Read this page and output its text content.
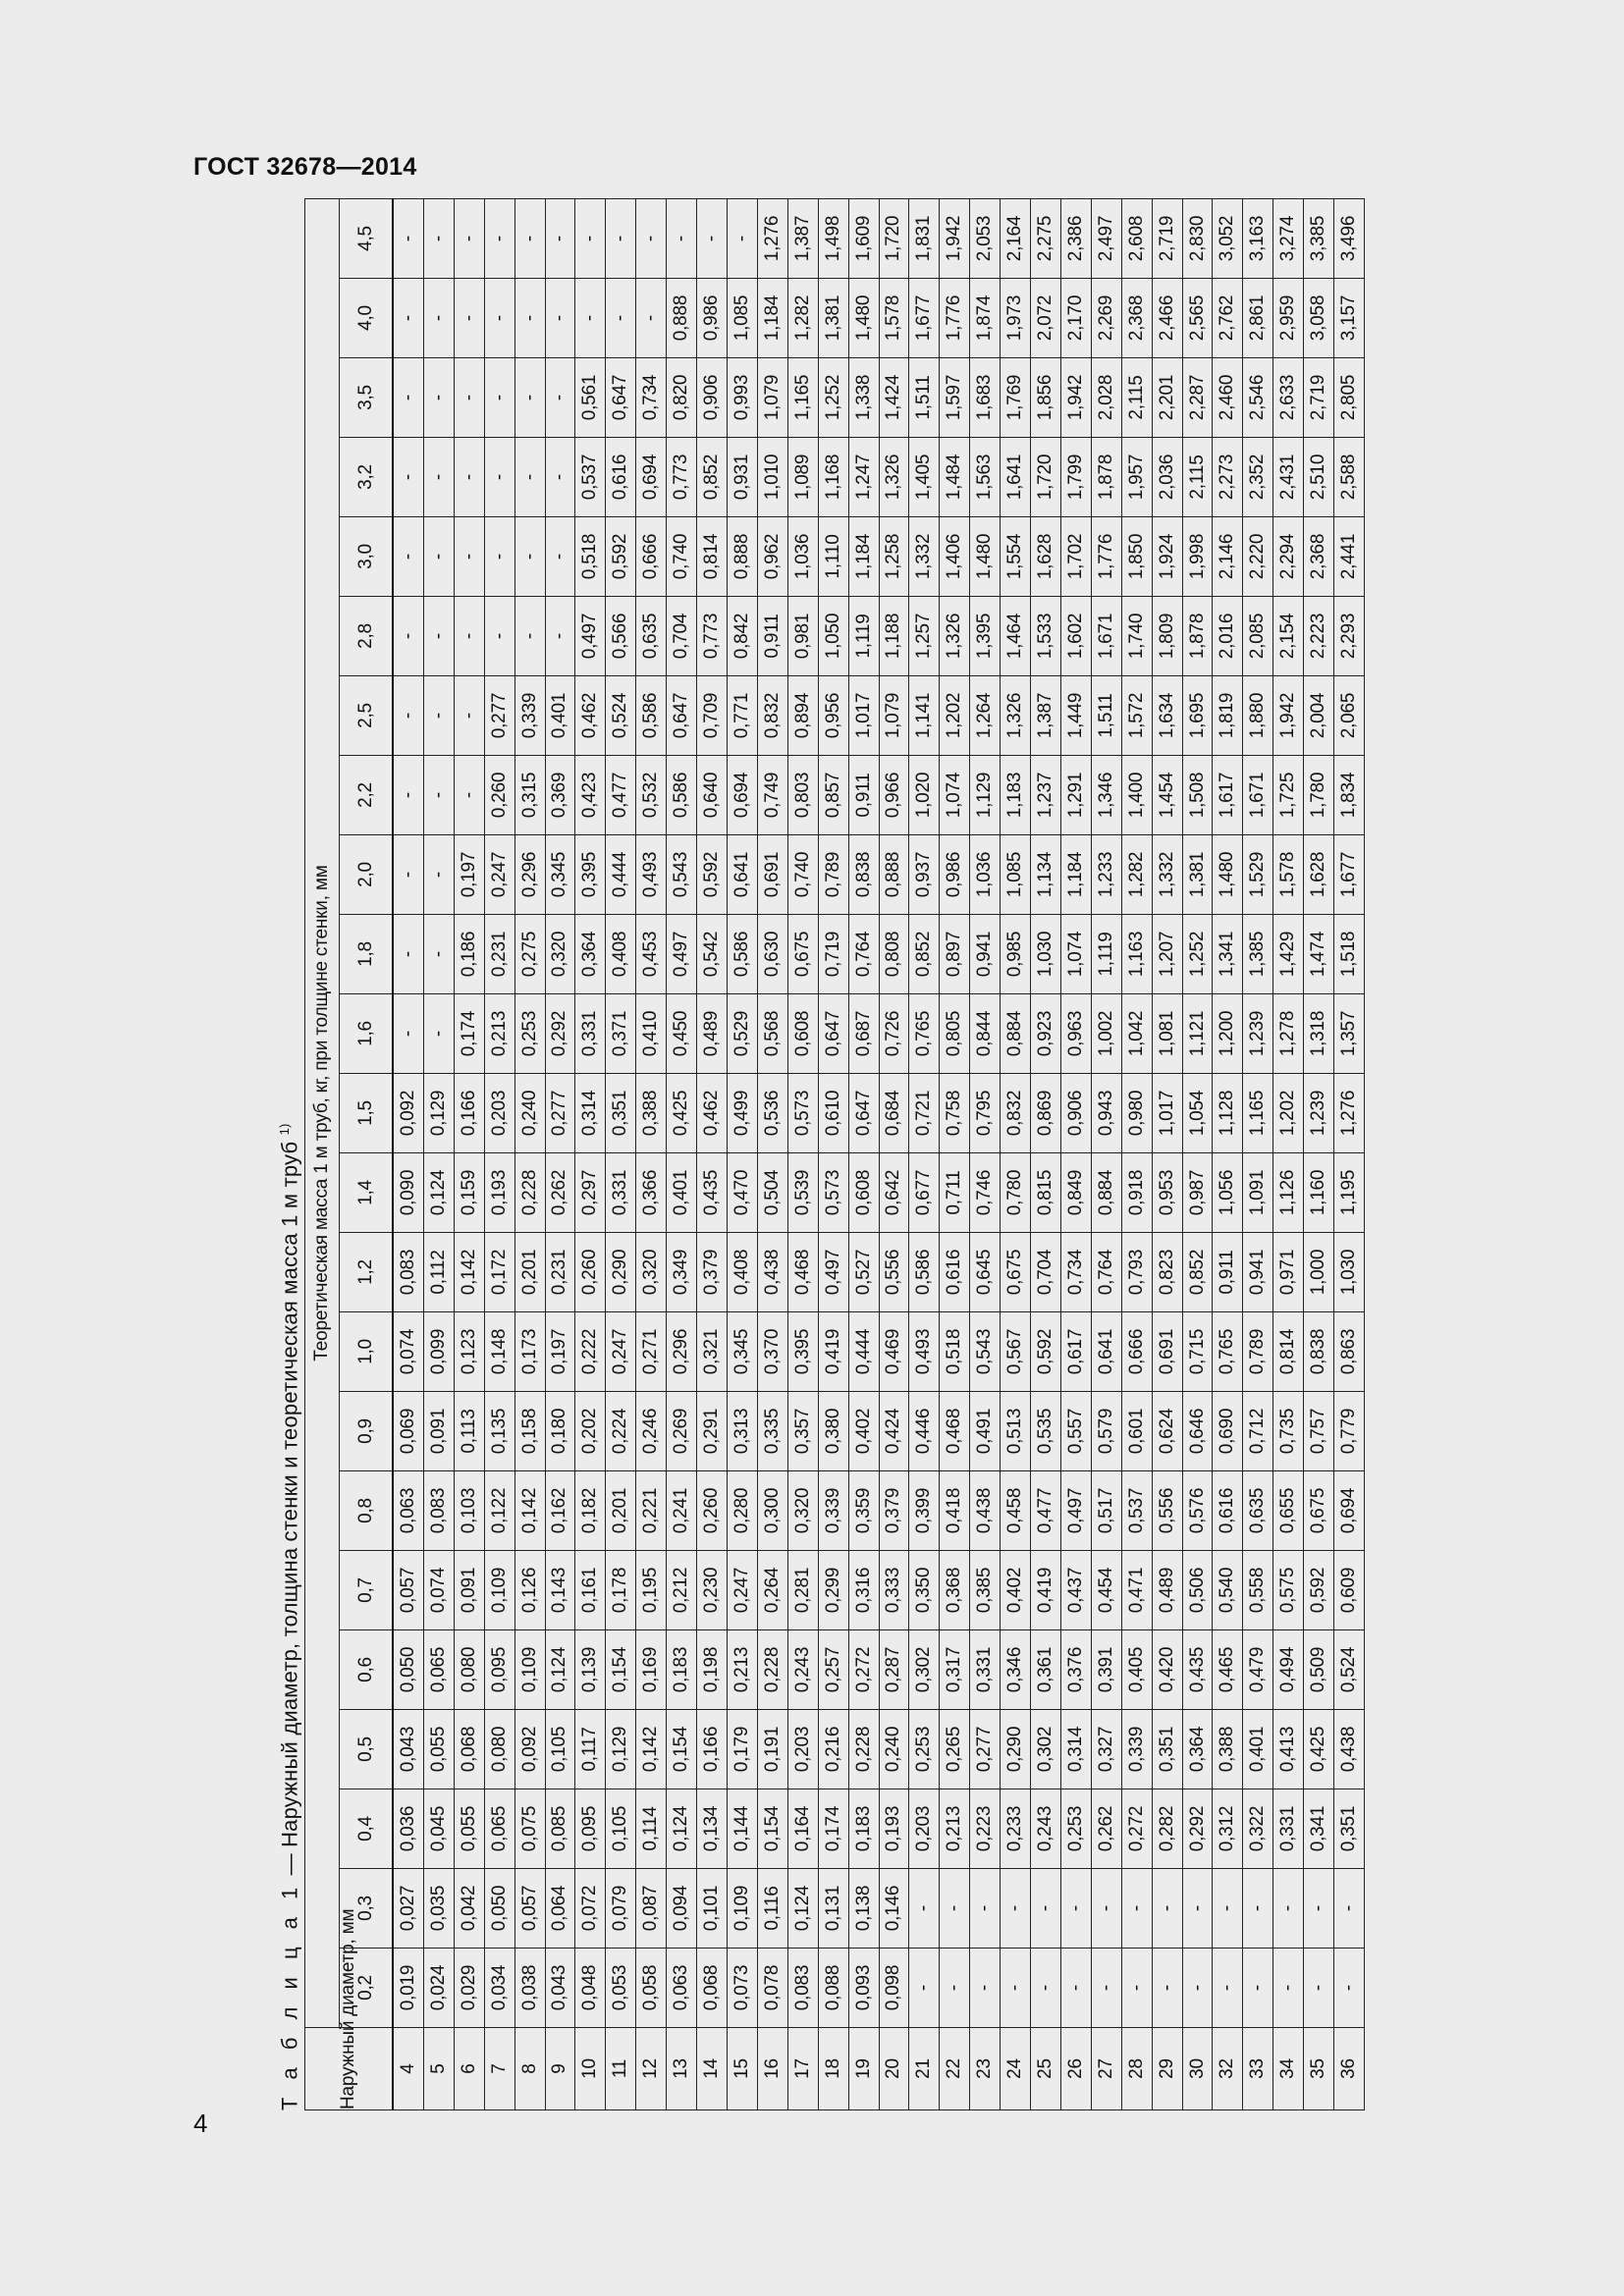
ГОСТ 32678—2014
4
Т а б л и ц а 1 — Наружный диаметр, толщина стенки и теоретическая масса 1 м труб $^{1)}$
Наружный диаметр, мм	Теоретическая масса 1 м труб, кг, при толщине стенки, мм																						
	0,2	0,3	0,4	0,5	0,6	0,7	0,8	0,9	1,0	1,2	1,4	1,5	1,6	1,8	2,0	2,2	2,5	2,8	3,0	3,2	3,5	4,0	4,5
4	0,019	0,027	0,036	0,043	0,050	0,057	0,063	0,069	0,074	0,083	0,090	0,092	-	-	-	-	-	-	-	-	-	-	-
5	0,024	0,035	0,045	0,055	0,065	0,074	0,083	0,091	0,099	0,112	0,124	0,129	-	-	-	-	-	-	-	-	-	-	-
6	0,029	0,042	0,055	0,068	0,080	0,091	0,103	0,113	0,123	0,142	0,159	0,166	0,174	0,186	0,197	-	-	-	-	-	-	-	-
7	0,034	0,050	0,065	0,080	0,095	0,109	0,122	0,135	0,148	0,172	0,193	0,203	0,213	0,231	0,247	0,260	0,277	-	-	-	-	-	-
8	0,038	0,057	0,075	0,092	0,109	0,126	0,142	0,158	0,173	0,201	0,228	0,240	0,253	0,275	0,296	0,315	0,339	-	-	-	-	-	-
9	0,043	0,064	0,085	0,105	0,124	0,143	0,162	0,180	0,197	0,231	0,262	0,277	0,292	0,320	0,345	0,369	0,401	-	-	-	-	-	-
10	0,048	0,072	0,095	0,117	0,139	0,161	0,182	0,202	0,222	0,260	0,297	0,314	0,331	0,364	0,395	0,423	0,462	0,497	0,518	0,537	0,561	-	-
11	0,053	0,079	0,105	0,129	0,154	0,178	0,201	0,224	0,247	0,290	0,331	0,351	0,371	0,408	0,444	0,477	0,524	0,566	0,592	0,616	0,647	-	-
12	0,058	0,087	0,114	0,142	0,169	0,195	0,221	0,246	0,271	0,320	0,366	0,388	0,410	0,453	0,493	0,532	0,586	0,635	0,666	0,694	0,734	-	-
13	0,063	0,094	0,124	0,154	0,183	0,212	0,241	0,269	0,296	0,349	0,401	0,425	0,450	0,497	0,543	0,586	0,647	0,704	0,740	0,773	0,820	0,888	-
14	0,068	0,101	0,134	0,166	0,198	0,230	0,260	0,291	0,321	0,379	0,435	0,462	0,489	0,542	0,592	0,640	0,709	0,773	0,814	0,852	0,906	0,986	-
15	0,073	0,109	0,144	0,179	0,213	0,247	0,280	0,313	0,345	0,408	0,470	0,499	0,529	0,586	0,641	0,694	0,771	0,842	0,888	0,931	0,993	1,085	-
16	0,078	0,116	0,154	0,191	0,228	0,264	0,300	0,335	0,370	0,438	0,504	0,536	0,568	0,630	0,691	0,749	0,832	0,911	0,962	1,010	1,079	1,184	1,276
17	0,083	0,124	0,164	0,203	0,243	0,281	0,320	0,357	0,395	0,468	0,539	0,573	0,608	0,675	0,740	0,803	0,894	0,981	1,036	1,089	1,165	1,282	1,387
18	0,088	0,131	0,174	0,216	0,257	0,299	0,339	0,380	0,419	0,497	0,573	0,610	0,647	0,719	0,789	0,857	0,956	1,050	1,110	1,168	1,252	1,381	1,498
19	0,093	0,138	0,183	0,228	0,272	0,316	0,359	0,402	0,444	0,527	0,608	0,647	0,687	0,764	0,838	0,911	1,017	1,119	1,184	1,247	1,338	1,480	1,609
20	0,098	0,146	0,193	0,240	0,287	0,333	0,379	0,424	0,469	0,556	0,642	0,684	0,726	0,808	0,888	0,966	1,079	1,188	1,258	1,326	1,424	1,578	1,720
21	-	-	0,203	0,253	0,302	0,350	0,399	0,446	0,493	0,586	0,677	0,721	0,765	0,852	0,937	1,020	1,141	1,257	1,332	1,405	1,511	1,677	1,831
22	-	-	0,213	0,265	0,317	0,368	0,418	0,468	0,518	0,616	0,711	0,758	0,805	0,897	0,986	1,074	1,202	1,326	1,406	1,484	1,597	1,776	1,942
23	-	-	0,223	0,277	0,331	0,385	0,438	0,491	0,543	0,645	0,746	0,795	0,844	0,941	1,036	1,129	1,264	1,395	1,480	1,563	1,683	1,874	2,053
24	-	-	0,233	0,290	0,346	0,402	0,458	0,513	0,567	0,675	0,780	0,832	0,884	0,985	1,085	1,183	1,326	1,464	1,554	1,641	1,769	1,973	2,164
25	-	-	0,243	0,302	0,361	0,419	0,477	0,535	0,592	0,704	0,815	0,869	0,923	1,030	1,134	1,237	1,387	1,533	1,628	1,720	1,856	2,072	2,275
26	-	-	0,253	0,314	0,376	0,437	0,497	0,557	0,617	0,734	0,849	0,906	0,963	1,074	1,184	1,291	1,449	1,602	1,702	1,799	1,942	2,170	2,386
27	-	-	0,262	0,327	0,391	0,454	0,517	0,579	0,641	0,764	0,884	0,943	1,002	1,119	1,233	1,346	1,511	1,671	1,776	1,878	2,028	2,269	2,497
28	-	-	0,272	0,339	0,405	0,471	0,537	0,601	0,666	0,793	0,918	0,980	1,042	1,163	1,282	1,400	1,572	1,740	1,850	1,957	2,115	2,368	2,608
29	-	-	0,282	0,351	0,420	0,489	0,556	0,624	0,691	0,823	0,953	1,017	1,081	1,207	1,332	1,454	1,634	1,809	1,924	2,036	2,201	2,466	2,719
30	-	-	0,292	0,364	0,435	0,506	0,576	0,646	0,715	0,852	0,987	1,054	1,121	1,252	1,381	1,508	1,695	1,878	1,998	2,115	2,287	2,565	2,830
32	-	-	0,312	0,388	0,465	0,540	0,616	0,690	0,765	0,911	1,056	1,128	1,200	1,341	1,480	1,617	1,819	2,016	2,146	2,273	2,460	2,762	3,052
33	-	-	0,322	0,401	0,479	0,558	0,635	0,712	0,789	0,941	1,091	1,165	1,239	1,385	1,529	1,671	1,880	2,085	2,220	2,352	2,546	2,861	3,163
34	-	-	0,331	0,413	0,494	0,575	0,655	0,735	0,814	0,971	1,126	1,202	1,278	1,429	1,578	1,725	1,942	2,154	2,294	2,431	2,633	2,959	3,274
35	-	-	0,341	0,425	0,509	0,592	0,675	0,757	0,838	1,000	1,160	1,239	1,318	1,474	1,628	1,780	2,004	2,223	2,368	2,510	2,719	3,058	3,385
36	-	-	0,351	0,438	0,524	0,609	0,694	0,779	0,863	1,030	1,195	1,276	1,357	1,518	1,677	1,834	2,065	2,293	2,441	2,588	2,805	3,157	3,496
